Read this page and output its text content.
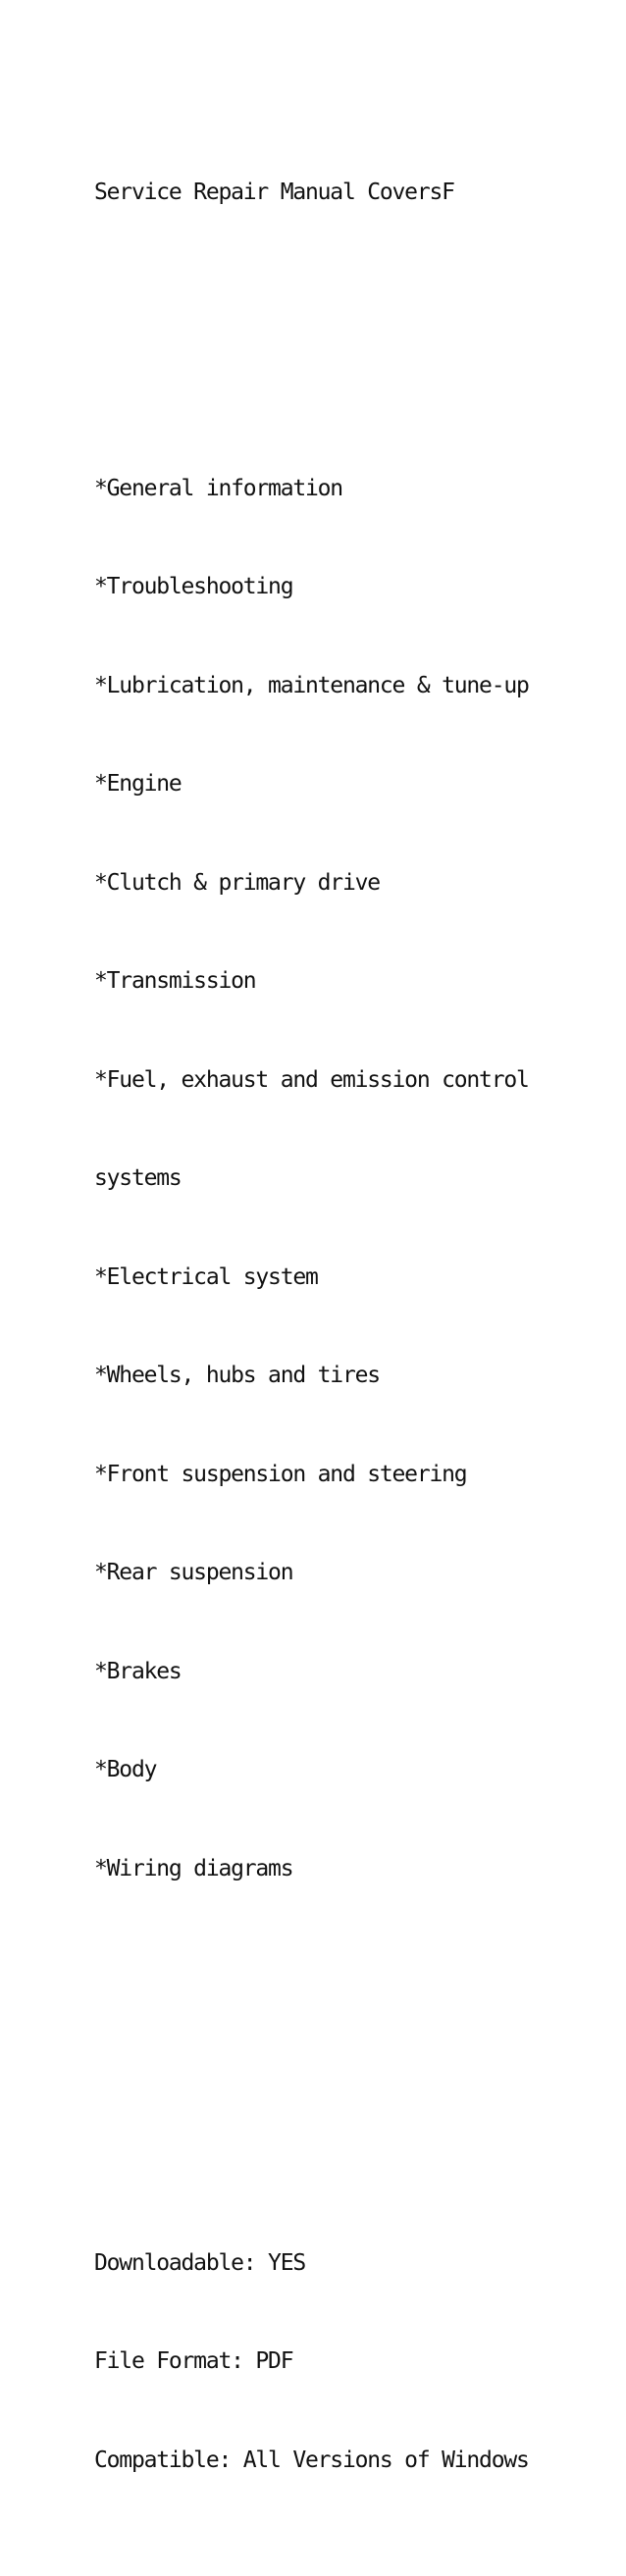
Service Repair Manual CoversF

*General information

*Troubleshooting

*Lubrication, maintenance & tune-up

*Engine

*Clutch & primary drive

*Transmission

*Fuel, exhaust and emission control

systems

*Electrical system

*Wheels, hubs and tires

*Front suspension and steering

*Rear suspension

*Brakes

*Body

*Wiring diagrams

Downloadable: YES

File Format: PDF

Compatible: All Versions of Windows
